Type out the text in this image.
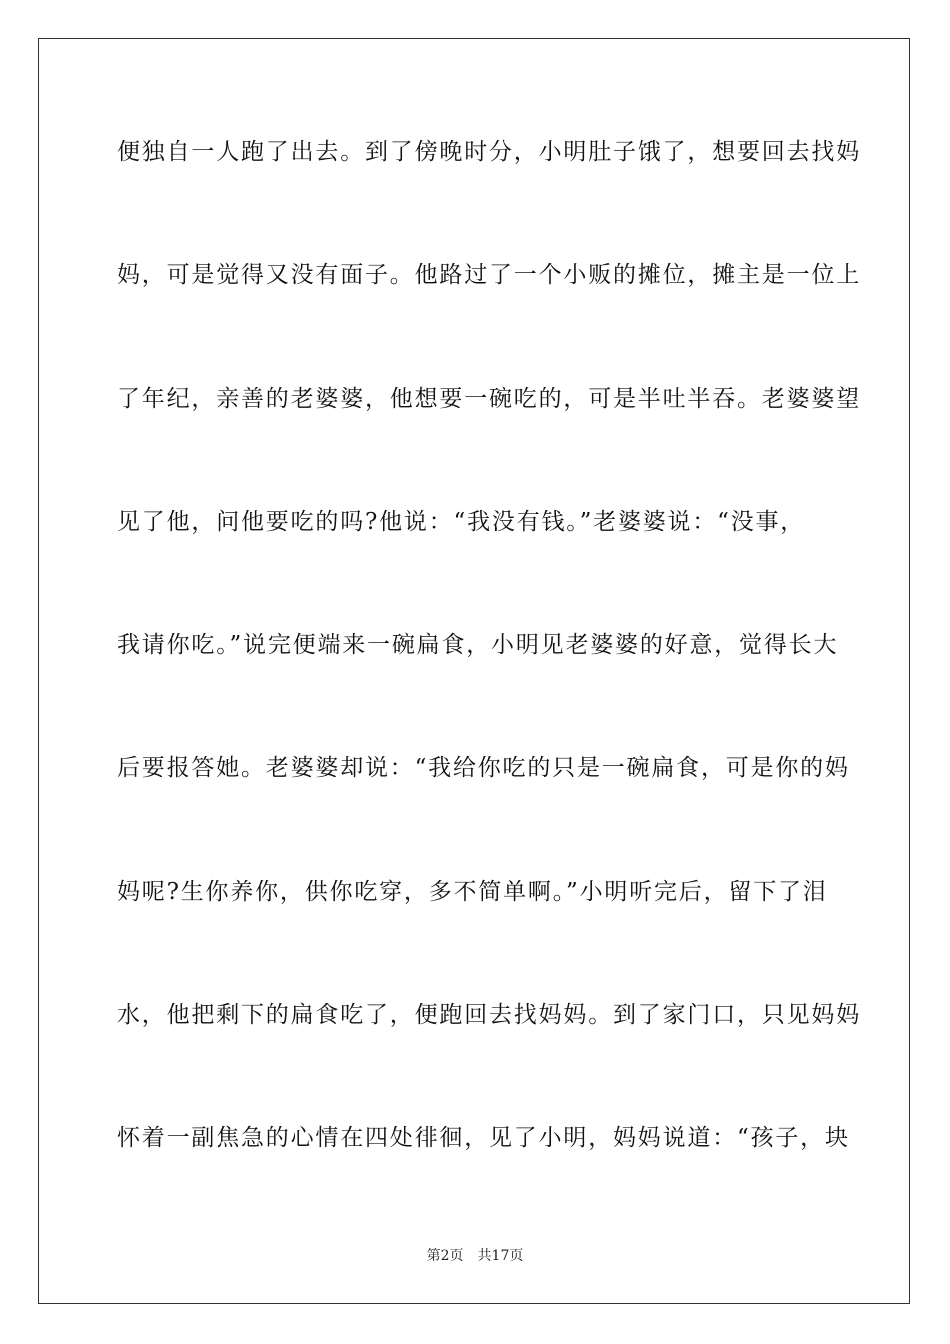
便独自一人跑了出去。到了傍晚时分，小明肚子饿了，想要回去找妈
妈，可是觉得又没有面子。他路过了一个小贩的摊位，摊主是一位上
了年纪，亲善的老婆婆，他想要一碗吃的，可是半吐半吞。老婆婆望
见了他，问他要吃的吗?他说：“我没有钱。”老婆婆说：“没事，
我请你吃。”说完便端来一碗扁食，小明见老婆婆的好意，觉得长大
后要报答她。老婆婆却说：“我给你吃的只是一碗扁食，可是你的妈
妈呢?生你养你，供你吃穿，多不简单啊。”小明听完后，留下了泪
水，他把剩下的扁食吃了，便跑回去找妈妈。到了家门口，只见妈妈
怀着一副焦急的心情在四处徘徊，见了小明，妈妈说道：“孩子，块
第2页 共17页
